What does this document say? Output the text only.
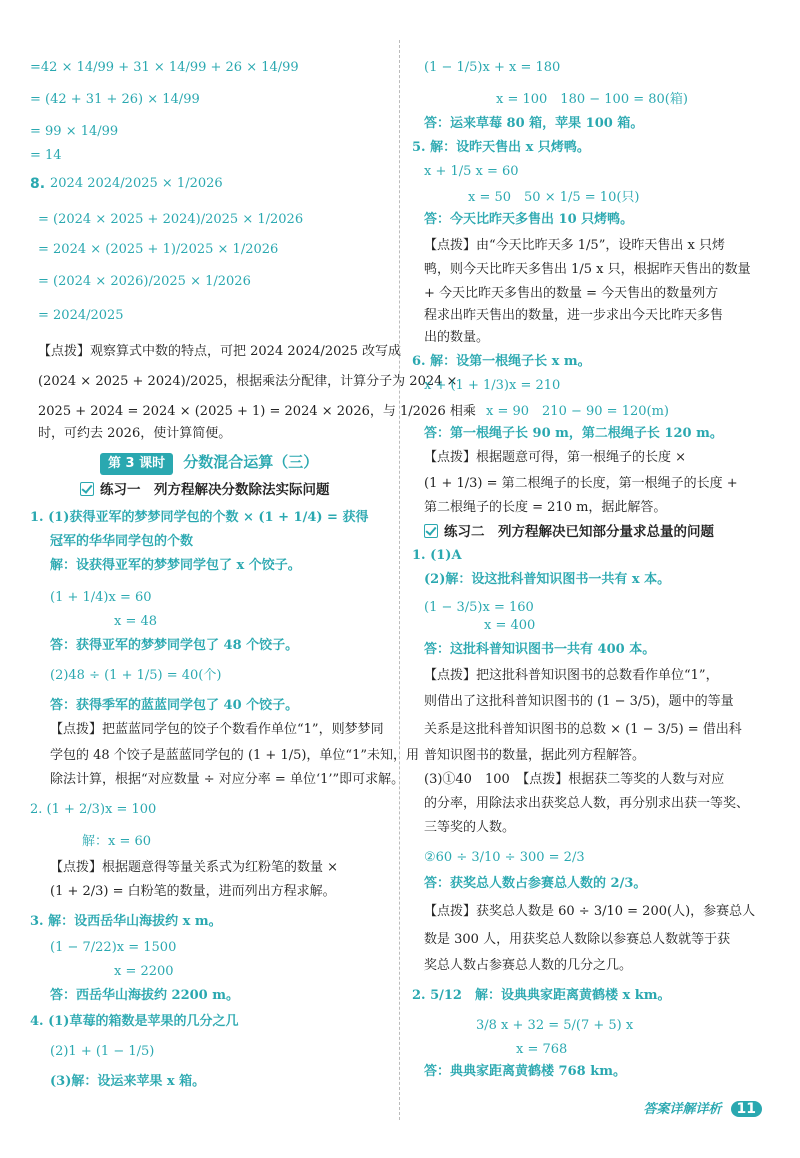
=42 × 14/99 + 31 × 14/99 + 26 × 14/99
= (42 + 31 + 26) × 14/99
= 99 × 14/99
= 14
8. 2024 2024/2025 × 1/2026
= (2024 × 2025 + 2024)/2025 × 1/2026
= 2024 × (2025 + 1)/2025 × 1/2026
= (2024 × 2026)/2025 × 1/2026
= 2024/2025
【点拨】观察算式中数的特点，可把 2024 2024/2025 改写成
(2024 × 2025 + 2024)/2025，根据乘法分配律，计算分子为 2024 ×
2025 + 2024 = 2024 × (2025 + 1) = 2024 × 2026，与 1/2026 相乘
时，可约去 2026，使计算简便。
第 3 课时 分数混合运算（三）
练习一　列方程解决分数除法实际问题
1. (1)获得亚军的梦梦同学包的个数 × (1 + 1/4) = 获得
冠军的华华同学包的个数
解：设获得亚军的梦梦同学包了 x 个饺子。
(1 + 1/4)x = 60
x = 48
答：获得亚军的梦梦同学包了 48 个饺子。
(2)48 ÷ (1 + 1/5) = 40(个)
答：获得季军的蓝蓝同学包了 40 个饺子。
【点拨】把蓝蓝同学包的饺子个数看作单位“1”，则梦梦同
学包的 48 个饺子是蓝蓝同学包的 (1 + 1/5)，单位“1”未知，用
除法计算，根据“对应数量 ÷ 对应分率 = 单位‘1’”即可求解。
2. (1 + 2/3)x = 100
解：x = 60
【点拨】根据题意得等量关系式为红粉笔的数量 ×
(1 + 2/3) = 白粉笔的数量，进而列出方程求解。
3. 解：设西岳华山海拔约 x m。
(1 − 7/22)x = 1500
x = 2200
答：西岳华山海拔约 2200 m。
4. (1)草莓的箱数是苹果的几分之几
(2)1 + (1 − 1/5)
(3)解：设运来苹果 x 箱。
(1 − 1/5)x + x = 180
x = 100　180 − 100 = 80(箱)
答：运来草莓 80 箱，苹果 100 箱。
5. 解：设昨天售出 x 只烤鸭。
x + 1/5 x = 60
x = 50　50 × 1/5 = 10(只)
答：今天比昨天多售出 10 只烤鸭。
【点拨】由“今天比昨天多 1/5”，设昨天售出 x 只烤
鸭，则今天比昨天多售出 1/5 x 只，根据昨天售出的数量
+ 今天比昨天多售出的数量 = 今天售出的数量列方
程求出昨天售出的数量，进一步求出今天比昨天多售
出的数量。
6. 解：设第一根绳子长 x m。
x + (1 + 1/3)x = 210
x = 90　210 − 90 = 120(m)
答：第一根绳子长 90 m，第二根绳子长 120 m。
【点拨】根据题意可得，第一根绳子的长度 ×
(1 + 1/3) = 第二根绳子的长度，第一根绳子的长度 +
第二根绳子的长度 = 210 m，据此解答。
练习二　列方程解决已知部分量求总量的问题
1. (1)A
(2)解：设这批科普知识图书一共有 x 本。
(1 − 3/5)x = 160
x = 400
答：这批科普知识图书一共有 400 本。
【点拨】把这批科普知识图书的总数看作单位“1”，
则借出了这批科普知识图书的 (1 − 3/5)，题中的等量
关系是这批科普知识图书的总数 × (1 − 3/5) = 借出科
普知识图书的数量，据此列方程解答。
(3)①40　100　【点拨】根据获二等奖的人数与对应
的分率，用除法求出获奖总人数，再分别求出获一等奖、
三等奖的人数。
②60 ÷ 3/10 ÷ 300 = 2/3
答：获奖总人数占参赛总人数的 2/3。
【点拨】获奖总人数是 60 ÷ 3/10 = 200(人)，参赛总人
数是 300 人，用获奖总人数除以参赛总人数就等于获
奖总人数占参赛总人数的几分之几。
2. 5/12　解：设典典家距离黄鹤楼 x km。
3/8 x + 32 = 5/(7 + 5) x
x = 768
答：典典家距离黄鹤楼 768 km。
答案详解详析 11
